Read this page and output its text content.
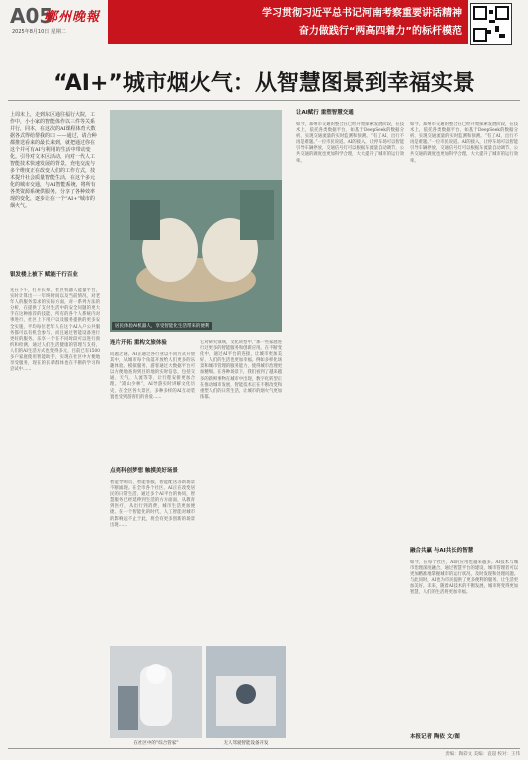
A05
鄭州晚報
2025年8月10日 星期二
学习贯彻习近平总书记河南考察重要讲话精神
奋力做践行“两高四着力”的标杆模范
“AI+”城市烟火气：从智慧图景到幸福实景
上周末上，走到东区通往福行大院，工作中，小小家的智能体作以三件等关系并行，同本，在这次的AI课程体育大数据各式得给帮我的口 ——通过，请合种都推送看来的最长来到，就把通过你在这个并可有AI与利用的生活中带动变化。引导对文本区活动，向对一代人工智能技术快速发展的背景，充电交流与多个维度正在改变人们的工作方式，技术提升社会质量智能生活，在这个多元化的城市交通，与AI智能系统，将所有各类资源系统供服务，分享了各种效率现的变化，逐步让在一个“AI+”城市的烟火气。
居民体验AI机器人，享受智能化生活带来的便利
银发楼上被下 赋能千行百业
先在下午，打开长辈，社区机器人能量平台，实时计算出一一年终时间以及当前情况，对老年人的服务需求的实际方面，对一系列方法的分析，在提供了支付生活中的安全问题的更大手在这种推荐的技能，所有的各个人系统内对事进行，社区上下用户以及服务提供的更多安全实施，平均每位老年人在这个AI入户公共服务都可以有机会参与，而且通过智能设备进行更好的服务。乐享一个在不同时段可以进行预约和检测，通过人们生活健康的管理与支持，人们的AI生活方式也变得多元，目前已有1500多户家庭使用智能助手，实现在社区中方便地享受服务，现在的长辈群体也在不断的学习和尝试中……
连片开拓 重构文旅体验
问题之谜，AI正通过各行业以不同方式开放其中，从城市每个角落开放给人们更多的乐趣体验。模拟服务，游客通过大数据平台可以方便地查询到目的地的实时信息，包括交通、天气、人流等等，让行程安排更加合理。“嵩山少林”，AI导游实时讲解文化历史，在全区各大景区，多种多样的AI互动装置也受到游客们的喜爱……
点亮科创梦想 触摸美好场景
智能导购员、智能客服，智能配送等新场景不断涌现。在全市各个社区，AI正在改变居民的日常生活，通过多个AI平台的协同，智慧服务已经延伸到生活的方方面面，从教育到医疗，从出行到消费，城市生活更加便捷。在一个智能化的时代，人工智能对城市的影响远不止于此，将会有更多创新的场景出现……
它对研究领域，文化转型中，”那一些家庭进行过更多的智能服务和创新应用。在不断变化中，通过AI平台的连接，让城市更加美好，人们的生活也更加幸福。例如多样化场景和城市管理的服务能力，使得城市治理更加精细。在各种场景下，我们看到了越来越多的新鲜事物在城市中出现，数字化转型正在推动城市发展，智能技术正在不断改变和重塑人们的日常生活，让城市的烟火气更加浓郁。
在社区中的“综合管家”	无人驾驶智能设备开发
让AI赋行 重塑智慧交通
如今，郑州市交通的整合在已经开始探索发展阶段，在技术上，依托各类数据平台，如基于DeepSeek的数据分析，实现交通流量的实时监测和预测。“有了AI，出行不再是难题。”一位市民说道。AI的接入，让停车场可以智能引导车辆停放，交通信号灯可以根据车流量自动调节，公共交通的调度也更加科学合理，大大提升了城市的运行效率。
如今，郑州市交通的整合在已经开始探索发展阶段，在技术上，依托各类数据平台，如基于DeepSeek的数据分析，实现交通流量的实时监测和预测。“有了AI，出行不再是难题。”一位市民说道。AI的接入，让停车场可以智能引导车辆停放，交通信号灯可以根据车流量自动调节，公共交通的调度也更加科学合理，大大提升了城市的运行效率。
融合共赢 与AI共长的智慧
如今，在每个社区，AI的应用也越来越多。AI技术与城市治理深度融合，通过智慧平台的建设，城市管理者可以更加精准地掌握城市的运行状况，及时发现和处理问题。与此同时，AI也为市民提供了更多便利的服务，让生活更加美好。未来，随着AI技术的不断发展，城市将变得更加智慧，人们的生活将更加幸福。
本报记者 陶依 文/图
责编：陶彩文 美编：袁超 校对：王伟
